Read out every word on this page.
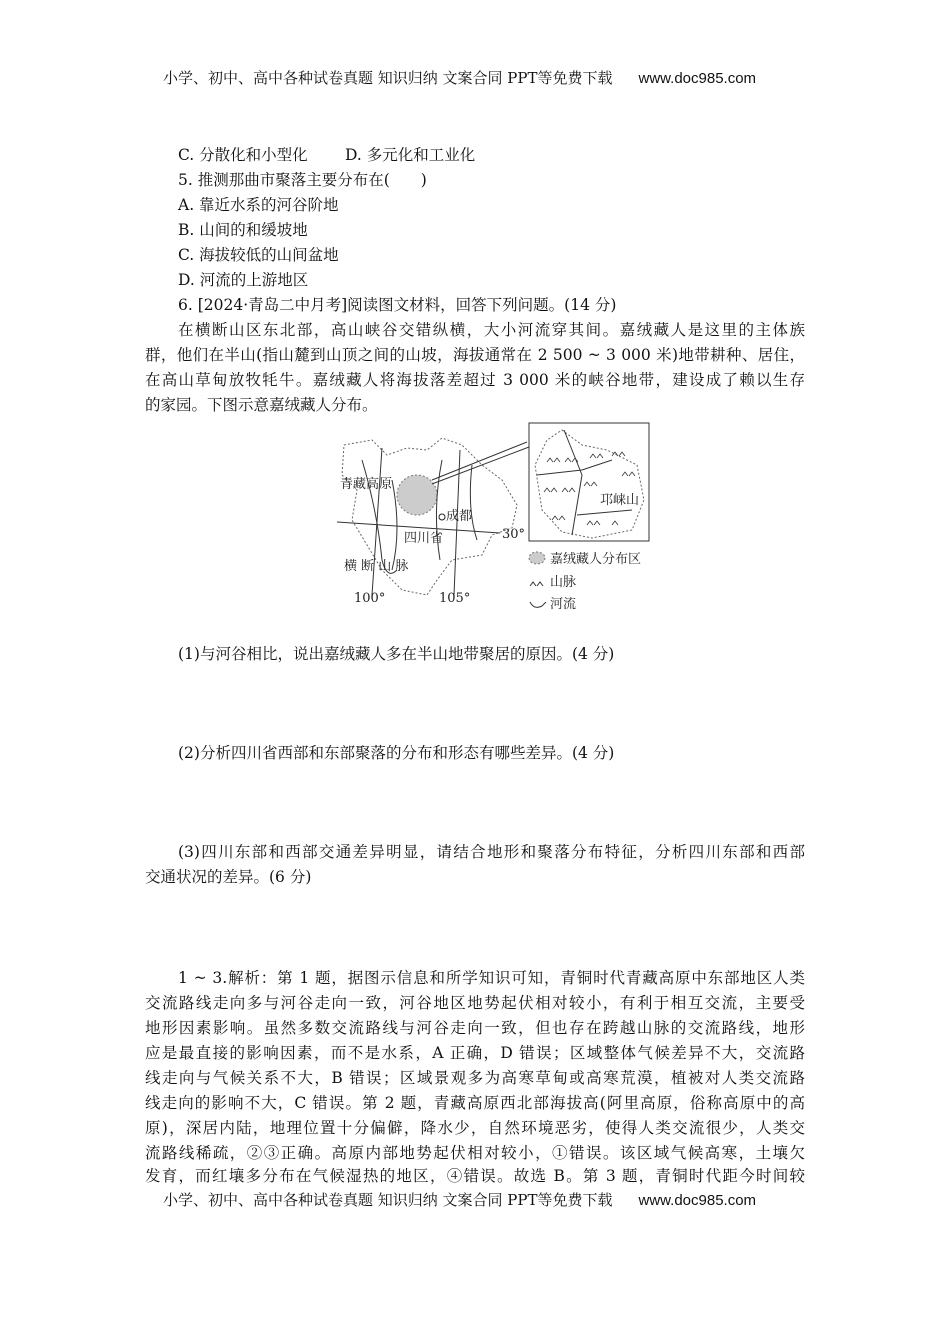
小学、初中、高中各种试卷真题 知识归纳 文案合同 PPT等免费下载 www.doc985.com
C. 分散化和小型化 D. 多元化和工业化
5. 推测那曲市聚落主要分布在(　　)
A. 靠近水系的河谷阶地
B. 山间的和缓坡地
C. 海拔较低的山间盆地
D. 河流的上游地区
6. [2024·青岛二中月考]阅读图文材料，回答下列问题。(14 分)
在横断山区东北部，高山峡谷交错纵横，大小河流穿其间。嘉绒藏人是这里的主体族
群，他们在半山(指山麓到山顶之间的山坡，海拔通常在 2 500 ~ 3 000 米)地带耕种、居住，
在高山草甸放牧牦牛。嘉绒藏人将海拔落差超过 3 000 米的峡谷地带，建设成了赖以生存
的家园。下图示意嘉绒藏人分布。
青藏高原
成都
四川省	30°
横 断 山 脉
100°	105°
邛崃山
嘉绒藏人分布区
山脉
河流
(1)与河谷相比，说出嘉绒藏人多在半山地带聚居的原因。(4 分)
(2)分析四川省西部和东部聚落的分布和形态有哪些差异。(4 分)
(3)四川东部和西部交通差异明显，请结合地形和聚落分布特征，分析四川东部和西部
交通状况的差异。(6 分)
1 ~ 3.解析：第 1 题，据图示信息和所学知识可知，青铜时代青藏高原中东部地区人类
交流路线走向多与河谷走向一致，河谷地区地势起伏相对较小，有利于相互交流，主要受
地形因素影响。虽然多数交流路线与河谷走向一致，但也存在跨越山脉的交流路线，地形
应是最直接的影响因素，而不是水系，A 正确，D 错误；区域整体气候差异不大，交流路
线走向与气候关系不大，B 错误；区域景观多为高寒草甸或高寒荒漠，植被对人类交流路
线走向的影响不大，C 错误。第 2 题，青藏高原西北部海拔高(阿里高原，俗称高原中的高
原)，深居内陆，地理位置十分偏僻，降水少，自然环境恶劣，使得人类交流很少，人类交
流路线稀疏，②③正确。高原内部地势起伏相对较小，①错误。该区域气候高寒，土壤欠
发育，而红壤多分布在气候湿热的地区，④错误。故选 B。第 3 题，青铜时代距今时间较
小学、初中、高中各种试卷真题 知识归纳 文案合同 PPT等免费下载 www.doc985.com
